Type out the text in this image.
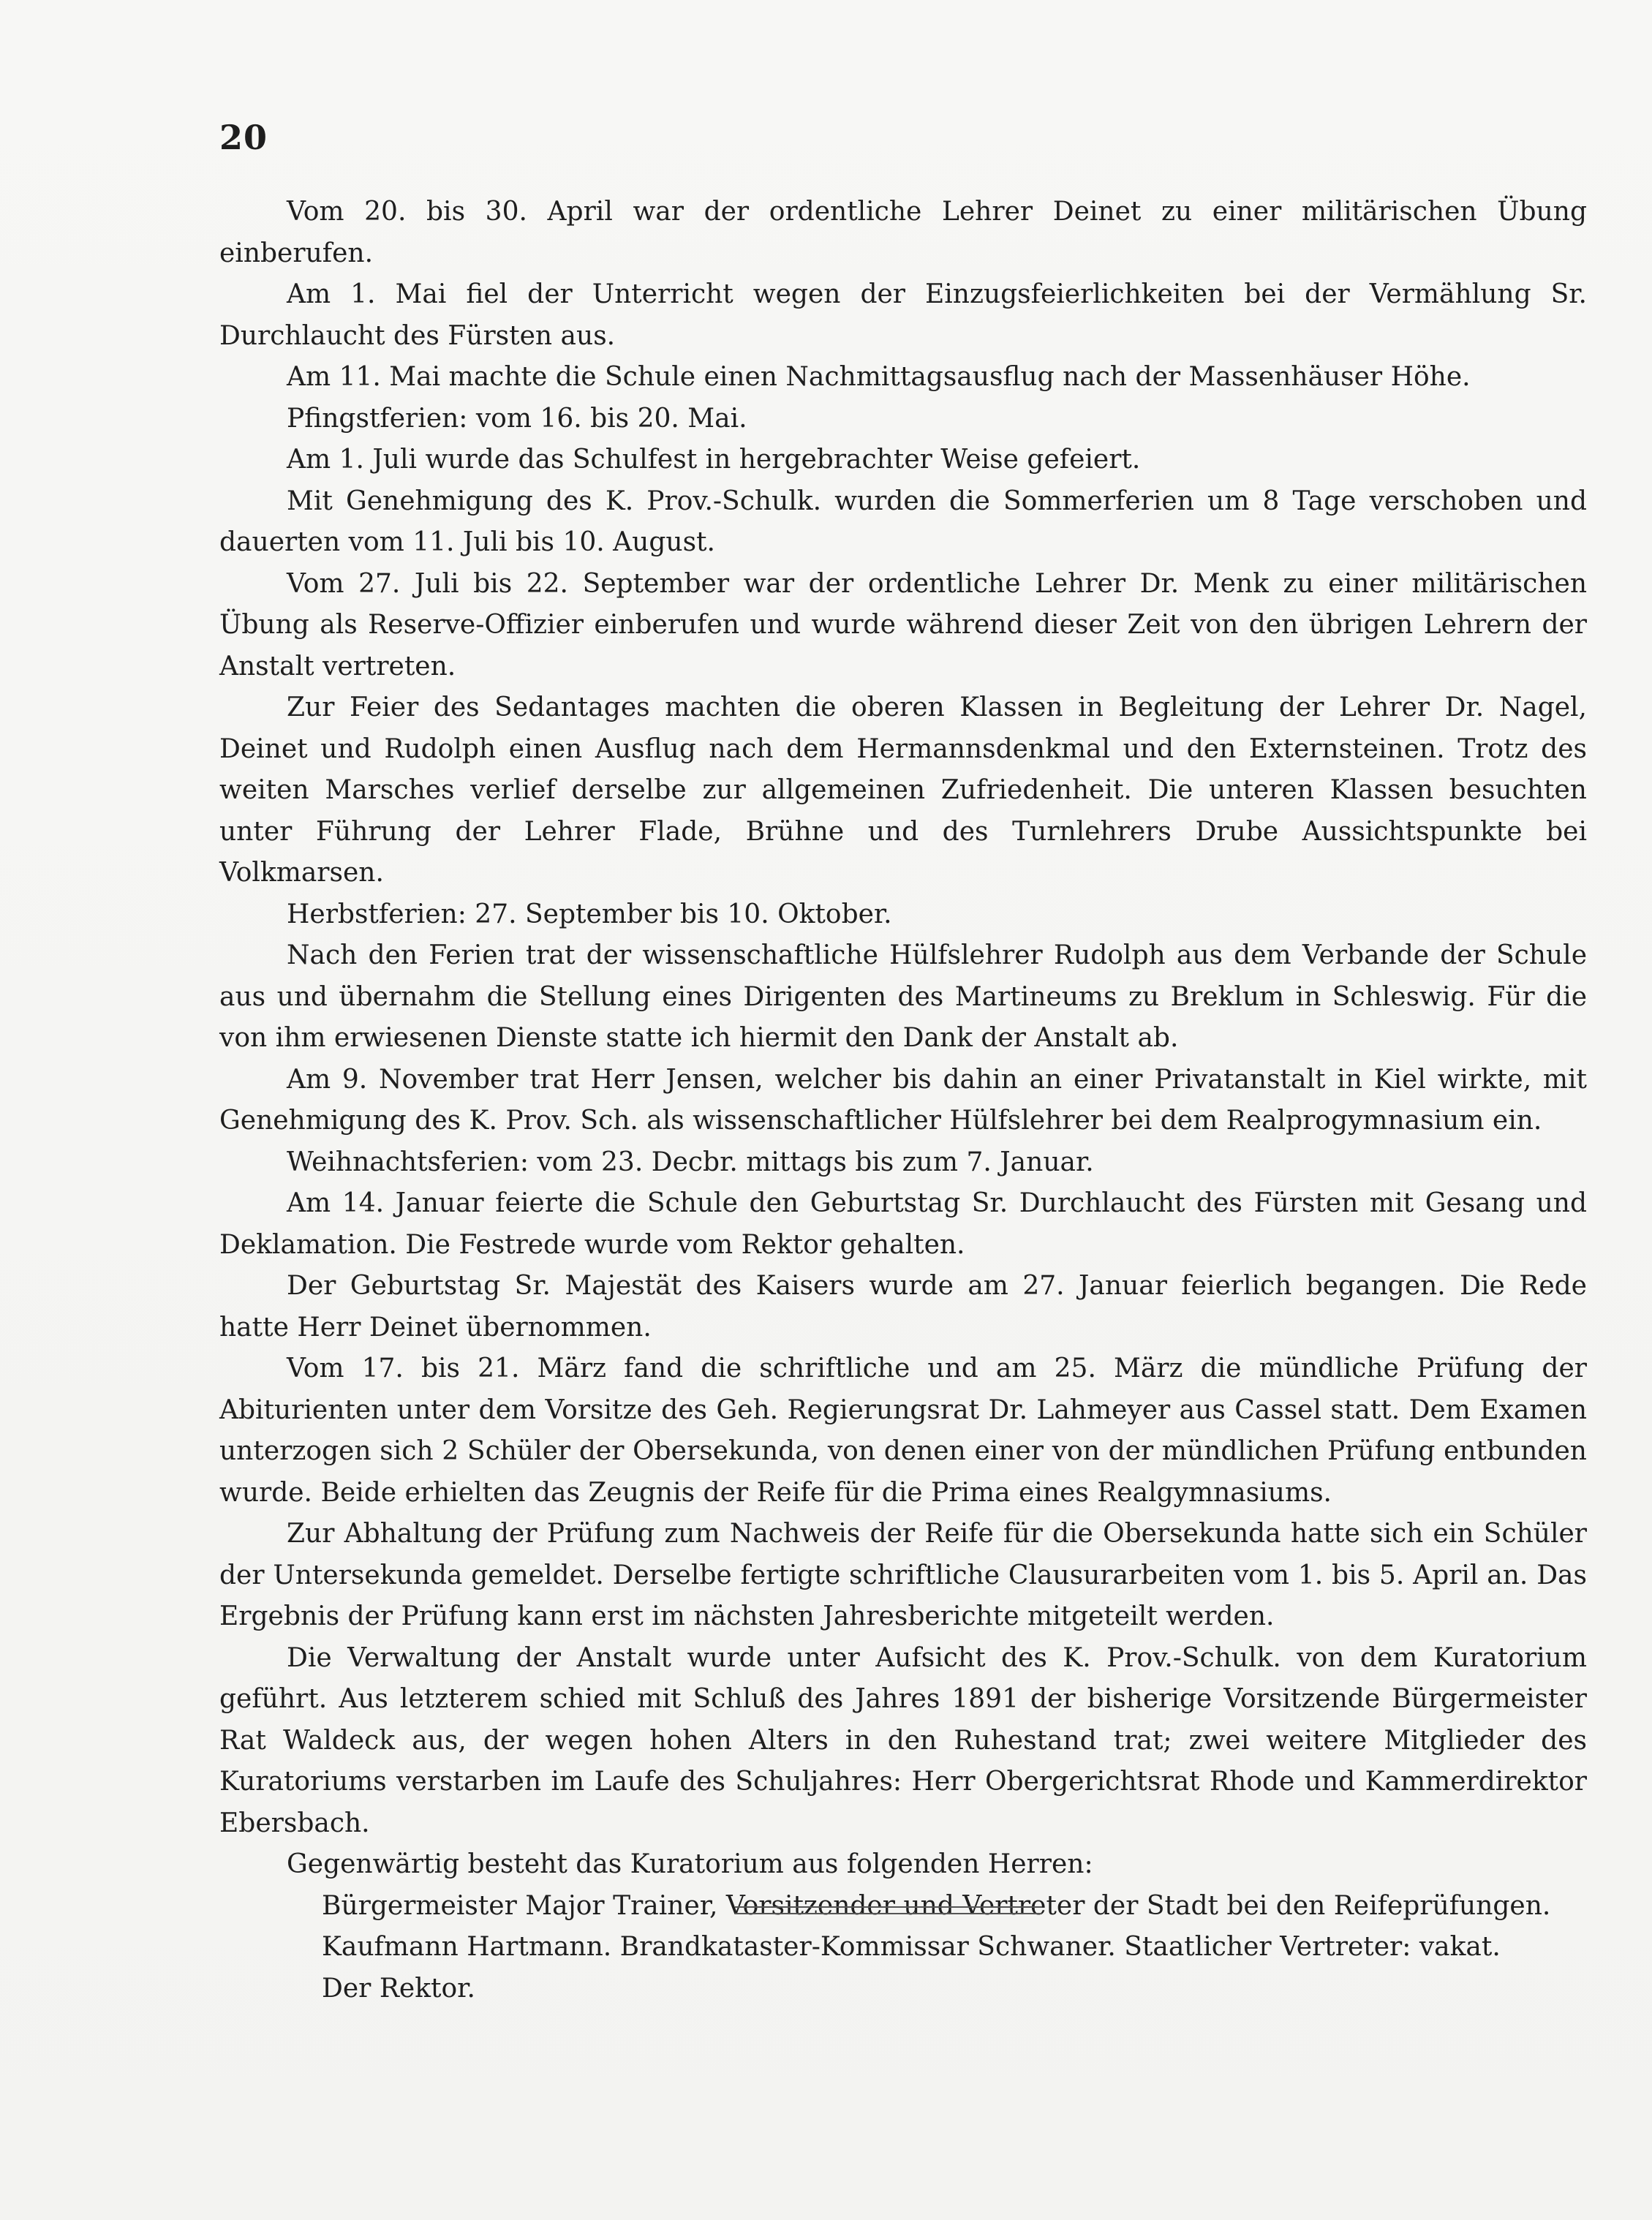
20

Vom 20. bis 30. April war der ordentliche Lehrer Deinet zu einer militärischen Übung einberufen.

Am 1. Mai fiel der Unterricht wegen der Einzugsfeierlichkeiten bei der Vermählung Sr. Durchlaucht des Fürsten aus.

Am 11. Mai machte die Schule einen Nachmittagsausflug nach der Massenhäuser Höhe.

Pfingstferien: vom 16. bis 20. Mai.

Am 1. Juli wurde das Schulfest in hergebrachter Weise gefeiert.

Mit Genehmigung des K. Prov.-Schulk. wurden die Sommerferien um 8 Tage verschoben und dauerten vom 11. Juli bis 10. August.

Vom 27. Juli bis 22. September war der ordentliche Lehrer Dr. Menk zu einer militärischen Übung als Reserve-Offizier einberufen und wurde während dieser Zeit von den übrigen Lehrern der Anstalt vertreten.

Zur Feier des Sedantages machten die oberen Klassen in Begleitung der Lehrer Dr. Nagel, Deinet und Rudolph einen Ausflug nach dem Hermannsdenkmal und den Externsteinen. Trotz des weiten Marsches verlief derselbe zur allgemeinen Zufriedenheit. Die unteren Klassen besuchten unter Führung der Lehrer Flade, Brühne und des Turnlehrers Drube Aussichtspunkte bei Volkmarsen.

Herbstferien: 27. September bis 10. Oktober.

Nach den Ferien trat der wissenschaftliche Hülfslehrer Rudolph aus dem Verbande der Schule aus und übernahm die Stellung eines Dirigenten des Martineums zu Breklum in Schleswig. Für die von ihm erwiesenen Dienste statte ich hiermit den Dank der Anstalt ab.

Am 9. November trat Herr Jensen, welcher bis dahin an einer Privatanstalt in Kiel wirkte, mit Genehmigung des K. Prov. Sch. als wissenschaftlicher Hülfslehrer bei dem Realprogymnasium ein.

Weihnachtsferien: vom 23. Decbr. mittags bis zum 7. Januar.

Am 14. Januar feierte die Schule den Geburtstag Sr. Durchlaucht des Fürsten mit Gesang und Deklamation. Die Festrede wurde vom Rektor gehalten.

Der Geburtstag Sr. Majestät des Kaisers wurde am 27. Januar feierlich begangen. Die Rede hatte Herr Deinet übernommen.

Vom 17. bis 21. März fand die schriftliche und am 25. März die mündliche Prüfung der Abiturienten unter dem Vorsitze des Geh. Regierungsrat Dr. Lahmeyer aus Cassel statt. Dem Examen unterzogen sich 2 Schüler der Obersekunda, von denen einer von der mündlichen Prüfung entbunden wurde. Beide erhielten das Zeugnis der Reife für die Prima eines Realgymnasiums.

Zur Abhaltung der Prüfung zum Nachweis der Reife für die Obersekunda hatte sich ein Schüler der Untersekunda gemeldet. Derselbe fertigte schriftliche Clausurarbeiten vom 1. bis 5. April an. Das Ergebnis der Prüfung kann erst im nächsten Jahresberichte mitgeteilt werden.

Die Verwaltung der Anstalt wurde unter Aufsicht des K. Prov.-Schulk. von dem Kuratorium geführt. Aus letzterem schied mit Schluß des Jahres 1891 der bisherige Vorsitzende Bürgermeister Rat Waldeck aus, der wegen hohen Alters in den Ruhestand trat; zwei weitere Mitglieder des Kuratoriums verstarben im Laufe des Schuljahres: Herr Obergerichtsrat Rhode und Kammerdirektor Ebersbach.

Gegenwärtig besteht das Kuratorium aus folgenden Herren:

Bürgermeister Major Trainer, Vorsitzender und Vertreter der Stadt bei den Reifeprüfungen.

Kaufmann Hartmann. Brandkataster-Kommissar Schwaner. Staatlicher Vertreter: vakat.

Der Rektor.
